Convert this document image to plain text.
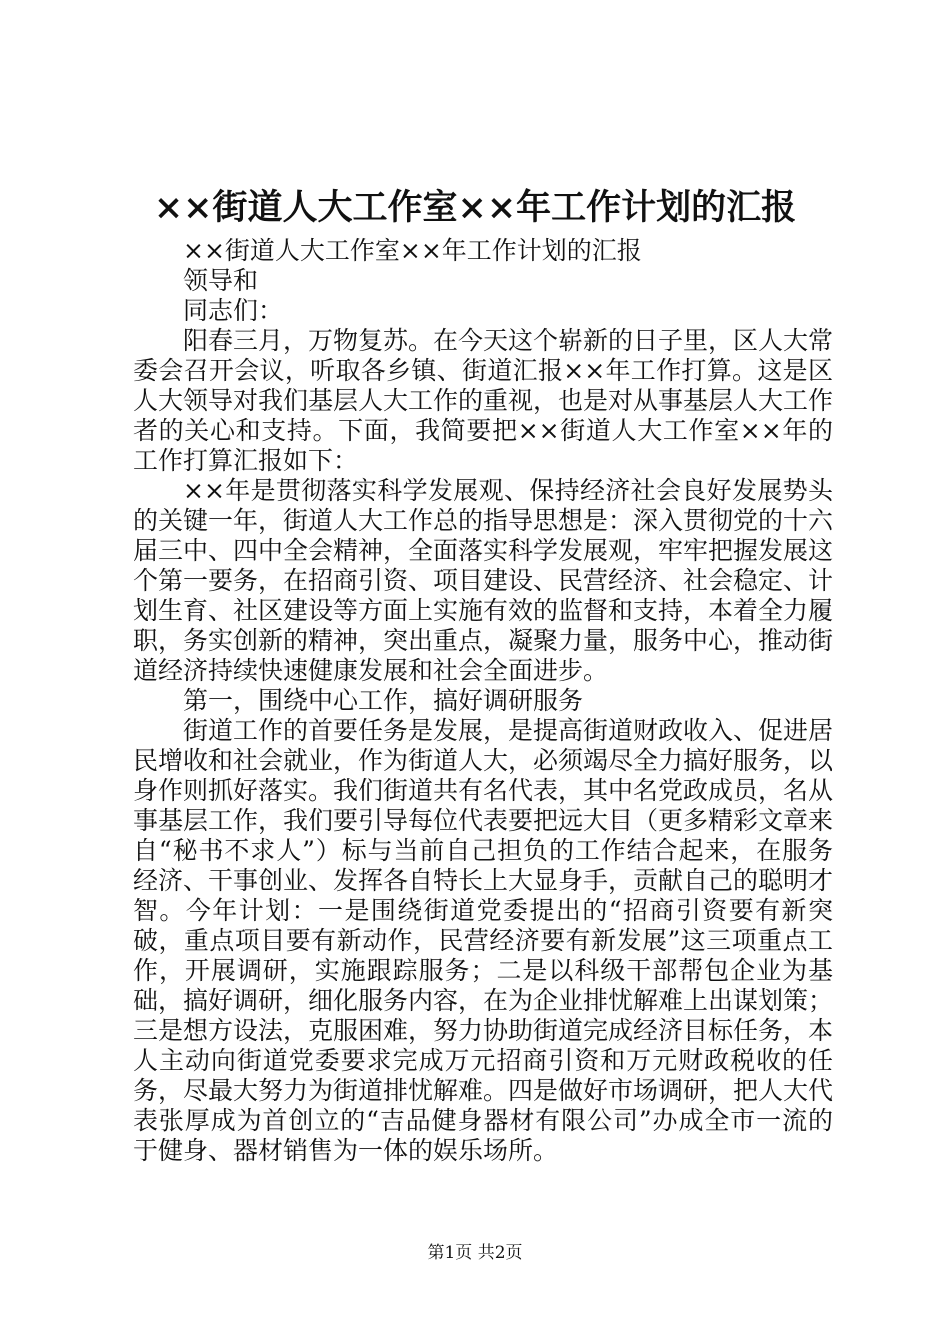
××街道人大工作室××年工作计划的汇报

××街道人大工作室××年工作计划的汇报

领导和

同志们：

阳春三月，万物复苏。在今天这个崭新的日子里，区人大常委会召开会议，听取各乡镇、街道汇报××年工作打算。这是区人大领导对我们基层人大工作的重视，也是对从事基层人大工作者的关心和支持。下面，我简要把××街道人大工作室××年的工作打算汇报如下：

××年是贯彻落实科学发展观、保持经济社会良好发展势头的关键一年，街道人大工作总的指导思想是：深入贯彻党的十六届三中、四中全会精神，全面落实科学发展观，牢牢把握发展这个第一要务，在招商引资、项目建设、民营经济、社会稳定、计划生育、社区建设等方面上实施有效的监督和支持，本着全力履职，务实创新的精神，突出重点，凝聚力量，服务中心，推动街道经济持续快速健康发展和社会全面进步。

第一，围绕中心工作，搞好调研服务

街道工作的首要任务是发展，是提高街道财政收入、促进居民增收和社会就业，作为街道人大，必须竭尽全力搞好服务，以身作则抓好落实。我们街道共有名代表，其中名党政成员，名从事基层工作，我们要引导每位代表要把远大目（更多精彩文章来自“秘书不求人”）标与当前自己担负的工作结合起来，在服务经济、干事创业、发挥各自特长上大显身手，贡献自己的聪明才智。今年计划：一是围绕街道党委提出的“招商引资要有新突破，重点项目要有新动作，民营经济要有新发展”这三项重点工作，开展调研，实施跟踪服务；二是以科级干部帮包企业为基础，搞好调研，细化服务内容，在为企业排忧解难上出谋划策；三是想方设法，克服困难，努力协助街道完成经济目标任务，本人主动向街道党委要求完成万元招商引资和万元财政税收的任务，尽最大努力为街道排忧解难。四是做好市场调研，把人大代表张厚成为首创立的“吉品健身器材有限公司”办成全市一流的于健身、器材销售为一体的娱乐场所。

第1页 共2页
